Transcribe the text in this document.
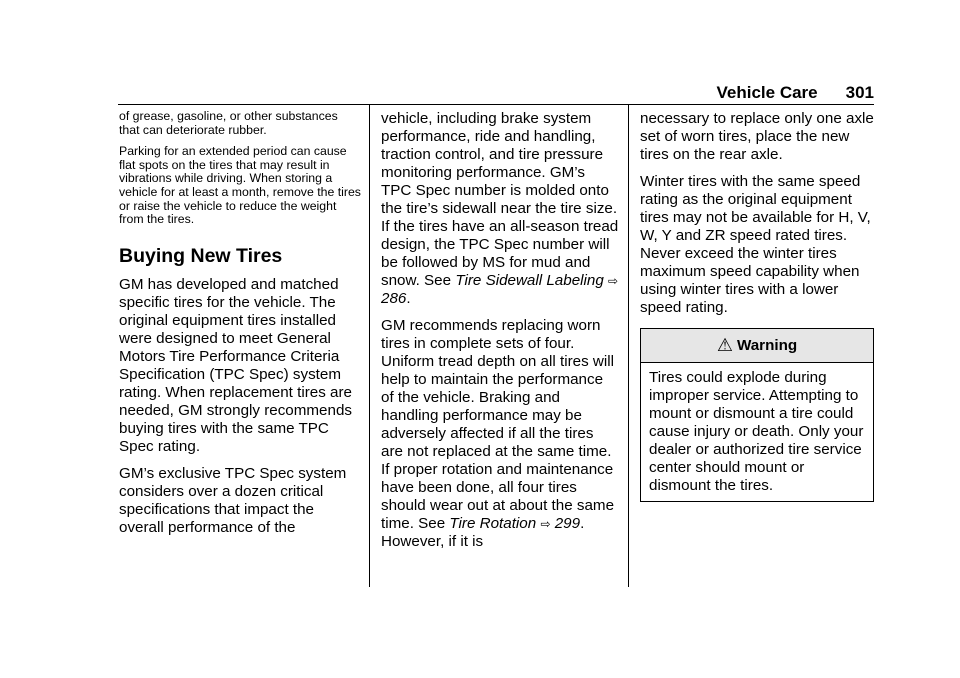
Vehicle Care 301

of grease, gasoline, or other substances that can deteriorate rubber.

Parking for an extended period can cause flat spots on the tires that may result in vibrations while driving. When storing a vehicle for at least a month, remove the tires or raise the vehicle to reduce the weight from the tires.

Buying New Tires

GM has developed and matched specific tires for the vehicle. The original equipment tires installed were designed to meet General Motors Tire Performance Criteria Specification (TPC Spec) system rating. When replacement tires are needed, GM strongly recommends buying tires with the same TPC Spec rating.

GM’s exclusive TPC Spec system considers over a dozen critical specifications that impact the overall performance of the

vehicle, including brake system performance, ride and handling, traction control, and tire pressure monitoring performance. GM’s TPC Spec number is molded onto the tire’s sidewall near the tire size. If the tires have an all-season tread design, the TPC Spec number will be followed by MS for mud and snow. See Tire Sidewall Labeling ⇨ 286.

GM recommends replacing worn tires in complete sets of four. Uniform tread depth on all tires will help to maintain the performance of the vehicle. Braking and handling performance may be adversely affected if all the tires are not replaced at the same time.

If proper rotation and maintenance have been done, all four tires should wear out at about the same time. See Tire Rotation ⇨ 299. However, if it is

necessary to replace only one axle set of worn tires, place the new tires on the rear axle.

Winter tires with the same speed rating as the original equipment tires may not be available for H, V, W, Y and ZR speed rated tires. Never exceed the winter tires maximum speed capability when using winter tires with a lower speed rating.

⚠ Warning
Tires could explode during improper service. Attempting to mount or dismount a tire could cause injury or death. Only your dealer or authorized tire service center should mount or dismount the tires.
